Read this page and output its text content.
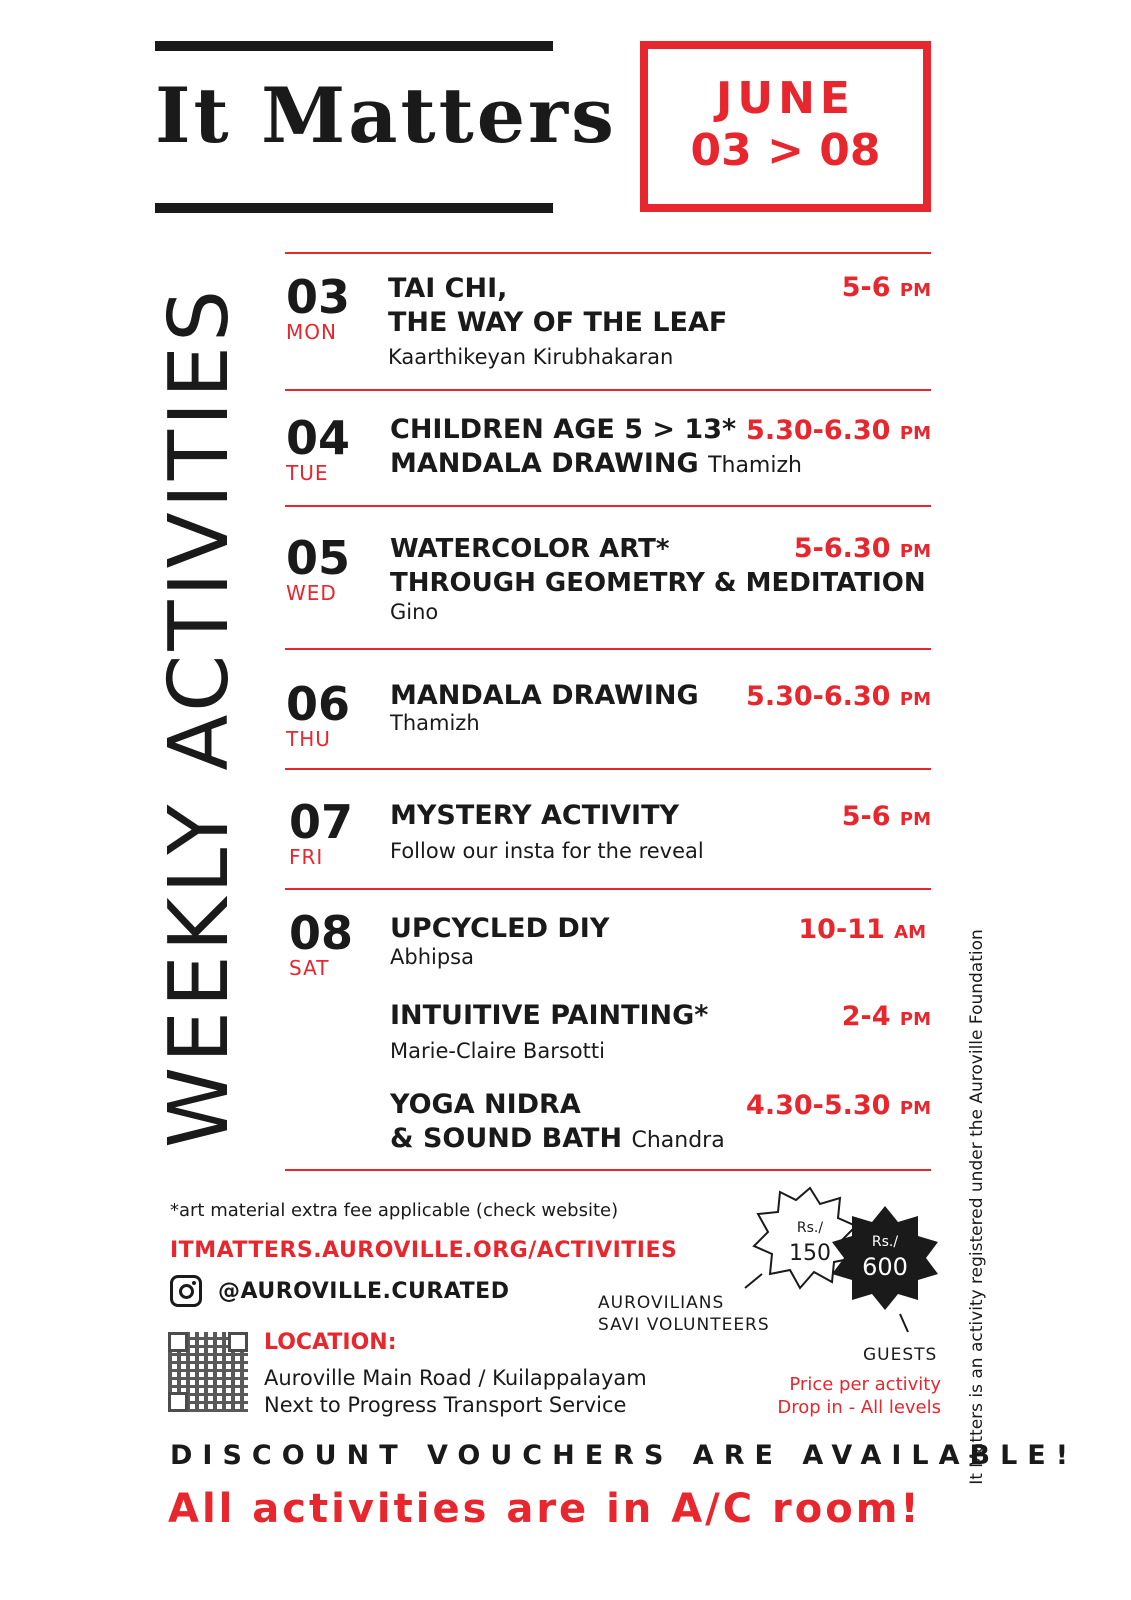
It Matters	JUNE
03 > 08
WEEKLY ACTIVITIES 03
MON
TAI CHI,
THE WAY OF THE LEAF
Kaarthikeyan Kirubhakaran
5-6 PM
04
TUE
CHILDREN AGE 5 > 13*
MANDALA DRAWING Thamizh
5.30-6.30 PM
05
WED
WATERCOLOR ART*
THROUGH GEOMETRY & MEDITATION
Gino
5-6.30 PM
06
THU
MANDALA DRAWING
Thamizh
5.30-6.30 PM
07
FRI
MYSTERY ACTIVITY
Follow our insta for the reveal
5-6 PM
08
SAT
UPCYCLED DIY
Abhipsa
10-11 AM
INTUITIVE PAINTING*
Marie-Claire Barsotti
2-4 PM
YOGA NIDRA
& SOUND BATH Chandra
4.30-5.30 PM
*art material extra fee applicable (check website)
ITMATTERS.AUROVILLE.ORG/ACTIVITIES
@AUROVILLE.CURATED
LOCATION:
Auroville Main Road / Kuilappalayam
Next to Progress Transport Service
Rs./
150	Rs./
600
AUROVILIANS
SAVI VOLUNTEERS
GUESTS
Price per activity
Drop in - All levels
DISCOUNT VOUCHERS ARE AVAILABLE!
All activities are in A/C room!
It Matters is an activity registered under the Auroville Foundation
